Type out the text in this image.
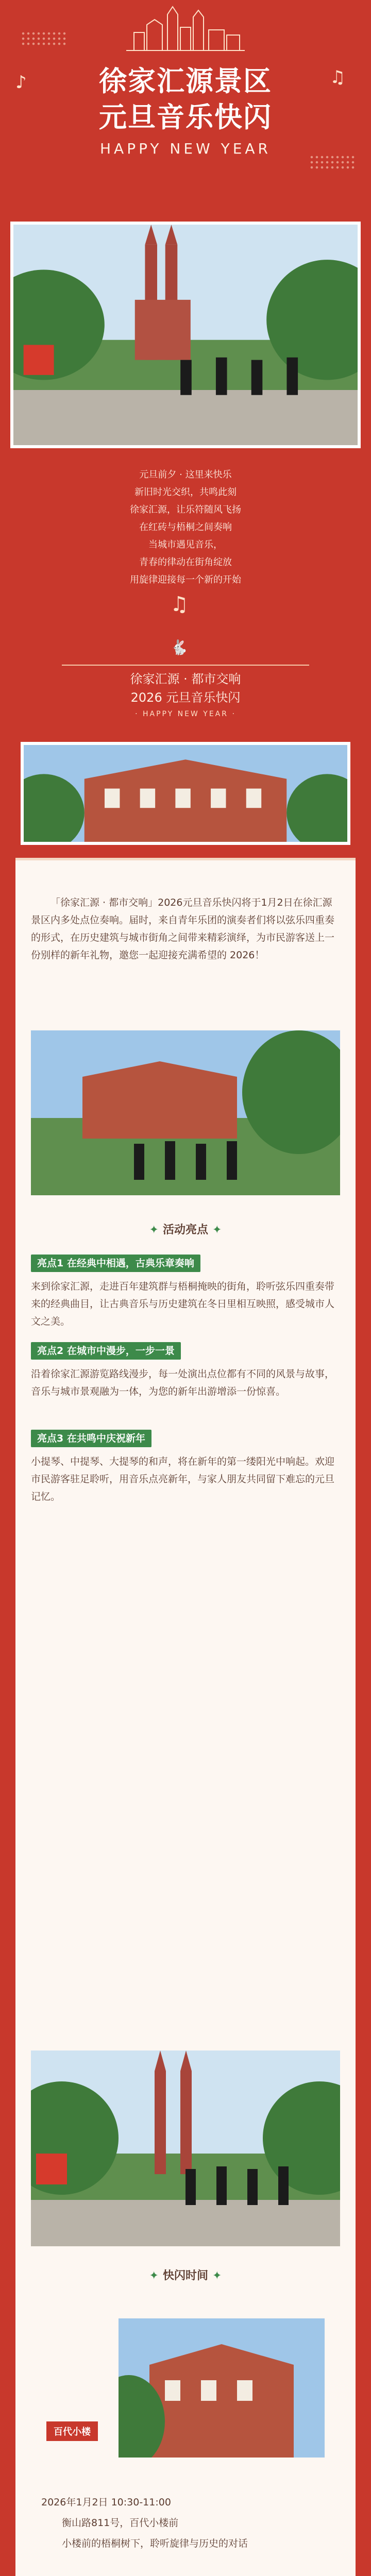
♪	♫
徐家汇源景区
元旦音乐快闪
HAPPY NEW YEAR
元旦前夕 · 这里来快乐
新旧时光交织，共鸣此刻
徐家汇源，让乐符随风飞扬
在红砖与梧桐之间奏响
当城市遇见音乐，
青春的律动在街角绽放
用旋律迎接每一个新的开始
♫
🐇
徐家汇源 · 都市交响
2026 元旦音乐快闪
· HAPPY NEW YEAR ·
「徐家汇源 · 都市交响」2026元旦音乐快闪将于1月2日在徐汇源景区内多处点位奏响。届时，来自青年乐团的演奏者们将以弦乐四重奏的形式，在历史建筑与城市街角之间带来精彩演绎，为市民游客送上一份别样的新年礼物，邀您一起迎接充满希望的 2026！
✦ 活动亮点 ✦
亮点1 在经典中相遇，古典乐章奏响
来到徐家汇源，走进百年建筑群与梧桐掩映的街角，聆听弦乐四重奏带来的经典曲目，让古典音乐与历史建筑在冬日里相互映照，感受城市人文之美。
亮点2 在城市中漫步，一步一景
沿着徐家汇源游览路线漫步，每一处演出点位都有不同的风景与故事，音乐与城市景观融为一体，为您的新年出游增添一份惊喜。
亮点3 在共鸣中庆祝新年
小提琴、中提琴、大提琴的和声，将在新年的第一缕阳光中响起。欢迎市民游客驻足聆听，用音乐点亮新年，与家人朋友共同留下难忘的元旦记忆。
✦ 快闪时间 ✦
百代小楼
2026年1月2日 10:30-11:00
衡山路811号，百代小楼前
小楼前的梧桐树下，聆听旋律与历史的对话
